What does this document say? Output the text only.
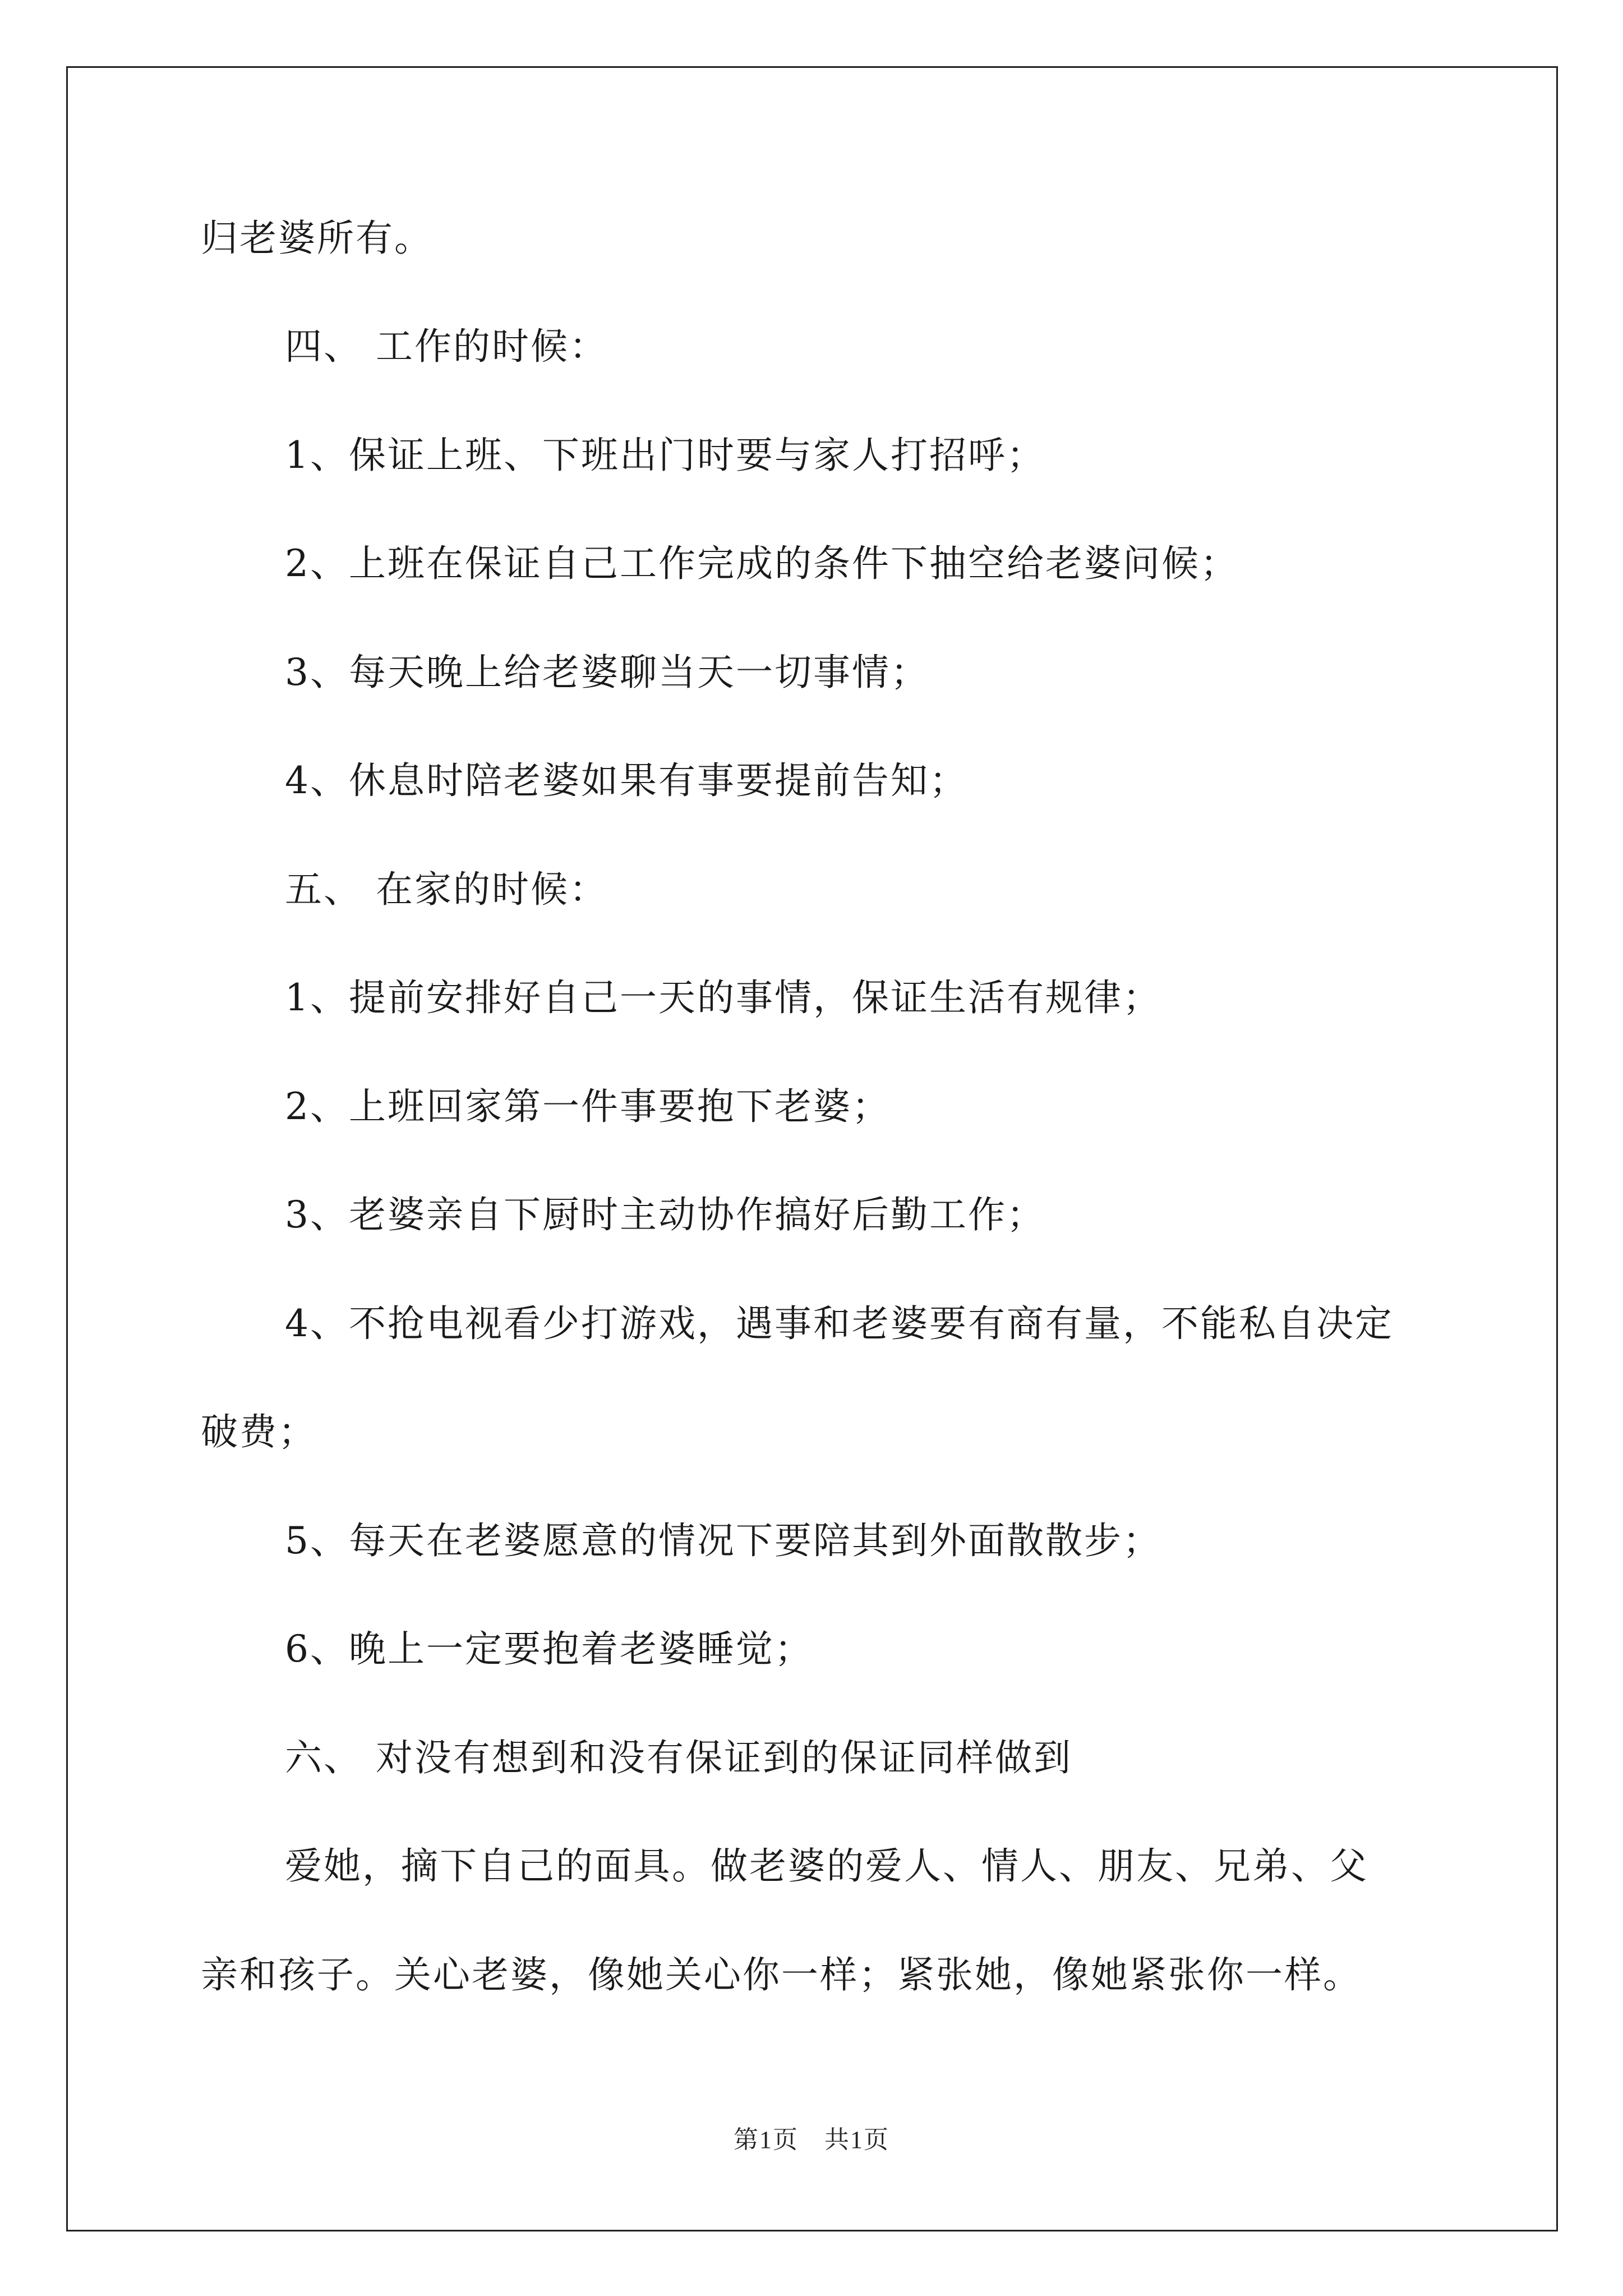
归老婆所有。
四、 工作的时候：
1、保证上班、下班出门时要与家人打招呼；
2、上班在保证自己工作完成的条件下抽空给老婆问候；
3、每天晚上给老婆聊当天一切事情；
4、休息时陪老婆如果有事要提前告知；
五、 在家的时候：
1、提前安排好自己一天的事情，保证生活有规律；
2、上班回家第一件事要抱下老婆；
3、老婆亲自下厨时主动协作搞好后勤工作；
4、不抢电视看少打游戏，遇事和老婆要有商有量，不能私自决定
破费；
5、每天在老婆愿意的情况下要陪其到外面散散步；
6、晚上一定要抱着老婆睡觉；
六、 对没有想到和没有保证到的保证同样做到
爱她，摘下自己的面具。做老婆的爱人、情人、朋友、兄弟、父
亲和孩子。关心老婆，像她关心你一样；紧张她，像她紧张你一样。
第1页　共1页
